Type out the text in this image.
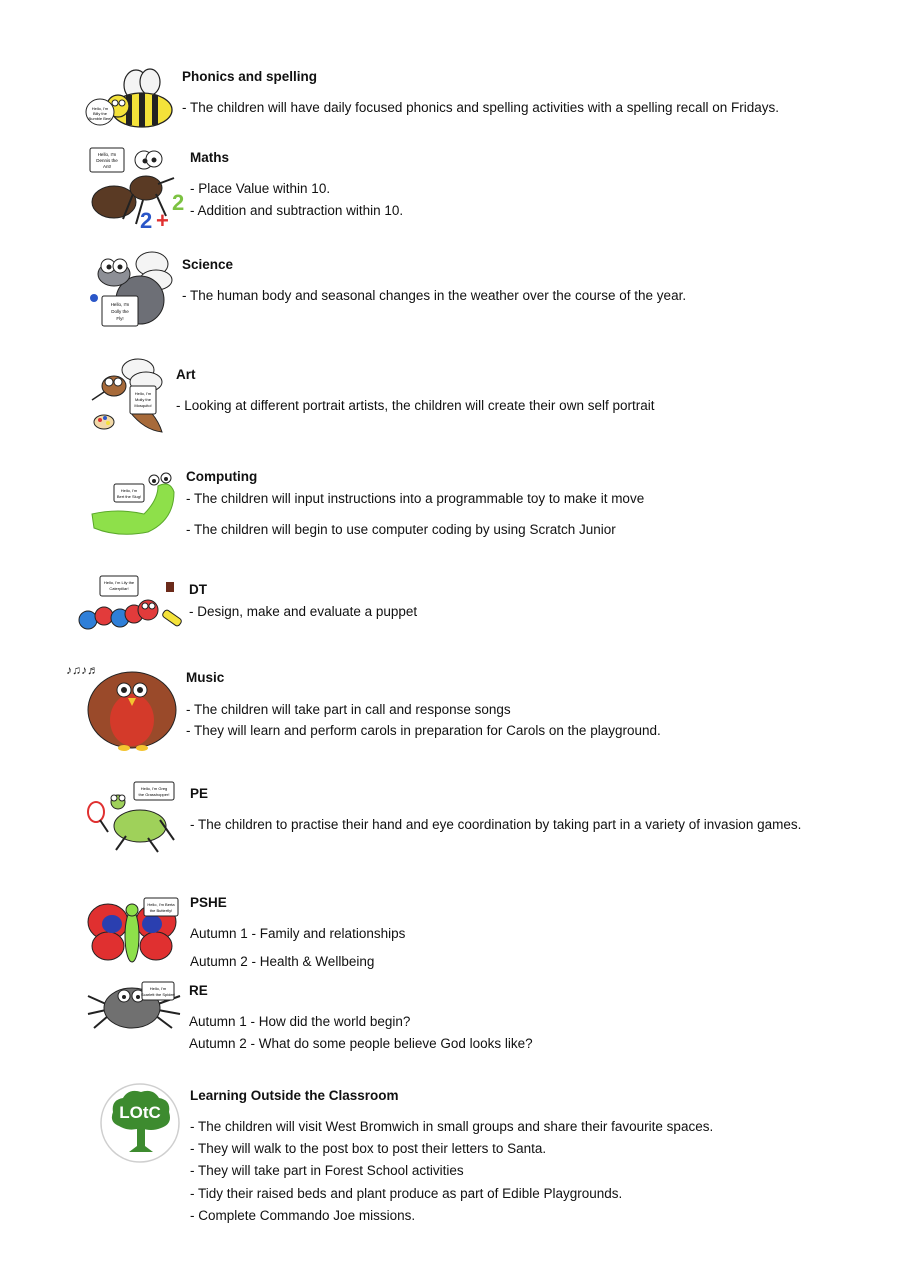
Hello, I'm
Billy the
Bumble Bee!
Phonics and spelling
- The children will have daily focused phonics and spelling activities with a spelling recall on Fridays.
Hello, I'm
Dennis the
Ant!
2 +
2
Maths
- Place Value within 10.
- Addition and subtraction within 10.
Hello, I'm
Dolly the
Fly!
Science
- The human body and seasonal changes in the weather over the course of the year.
Hello, I'm
Molly the
Mosquito!
Art
- Looking at different portrait artists, the children will create their own self portrait
Hello, I'm
Bert the Slug!
Computing
- The children will input instructions into a programmable toy to make it move
- The children will begin to use computer coding by using Scratch Junior
Hello, I'm Lily the
Caterpillar!	DT
- Design, make and evaluate a puppet
♪♫♪♬	Music
- The children will take part in call and response songs
- They will learn and perform carols in preparation for Carols on the playground.
Hello, I'm Greg
the Grasshopper! PE
- The children to practise their hand and eye coordination by taking part in a variety of invasion games.
Hello, I'm Berta
the Butterfly!
PSHE
Autumn 1 - Family and relationships
Autumn 2 - Health & Wellbeing
Hello, I'm
Scarlett the Spider! RE
Autumn 1 - How did the world begin?
Autumn 2 - What do some people believe God looks like?
LOtC
Learning Outside the Classroom
- The children will visit West Bromwich in small groups and share their favourite spaces.
- They will walk to the post box to post their letters to Santa.
- They will take part in Forest School activities
- Tidy their raised beds and plant produce as part of Edible Playgrounds.
- Complete Commando Joe missions.
